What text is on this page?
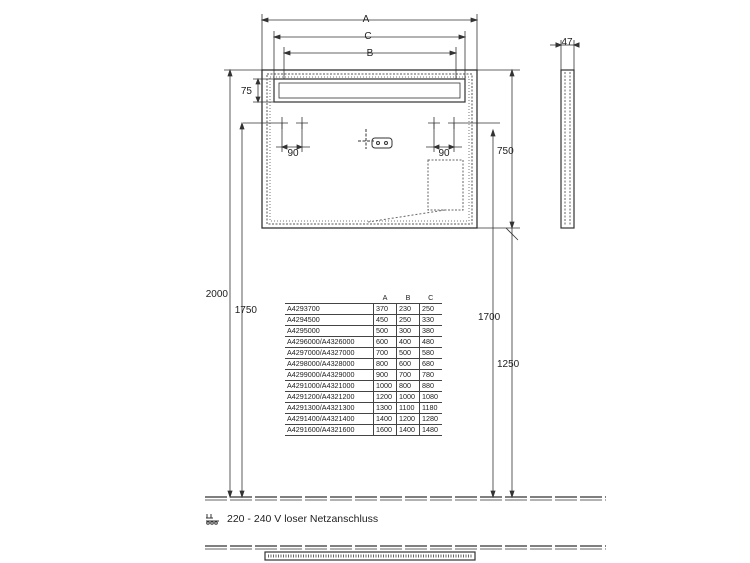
A
C
B
47
75
90	90	750
2000
1750
1700
1250
	A	B	C
A4293700	370	230	250
A4294500	450	250	330
A4295000	500	300	380
A4296000/A4326000	600	400	480
A4297000/A4327000	700	500	580
A4298000/A4328000	800	600	680
A4299000/A4329000	900	700	780
A4291000/A4321000	1000	800	880
A4291200/A4321200	1200	1000	1080
A4291300/A4321300	1300	1100	1180
A4291400/A4321400	1400	1200	1280
A4291600/A4321600	1600	1400	1480
220 - 240 V loser Netzanschluss
